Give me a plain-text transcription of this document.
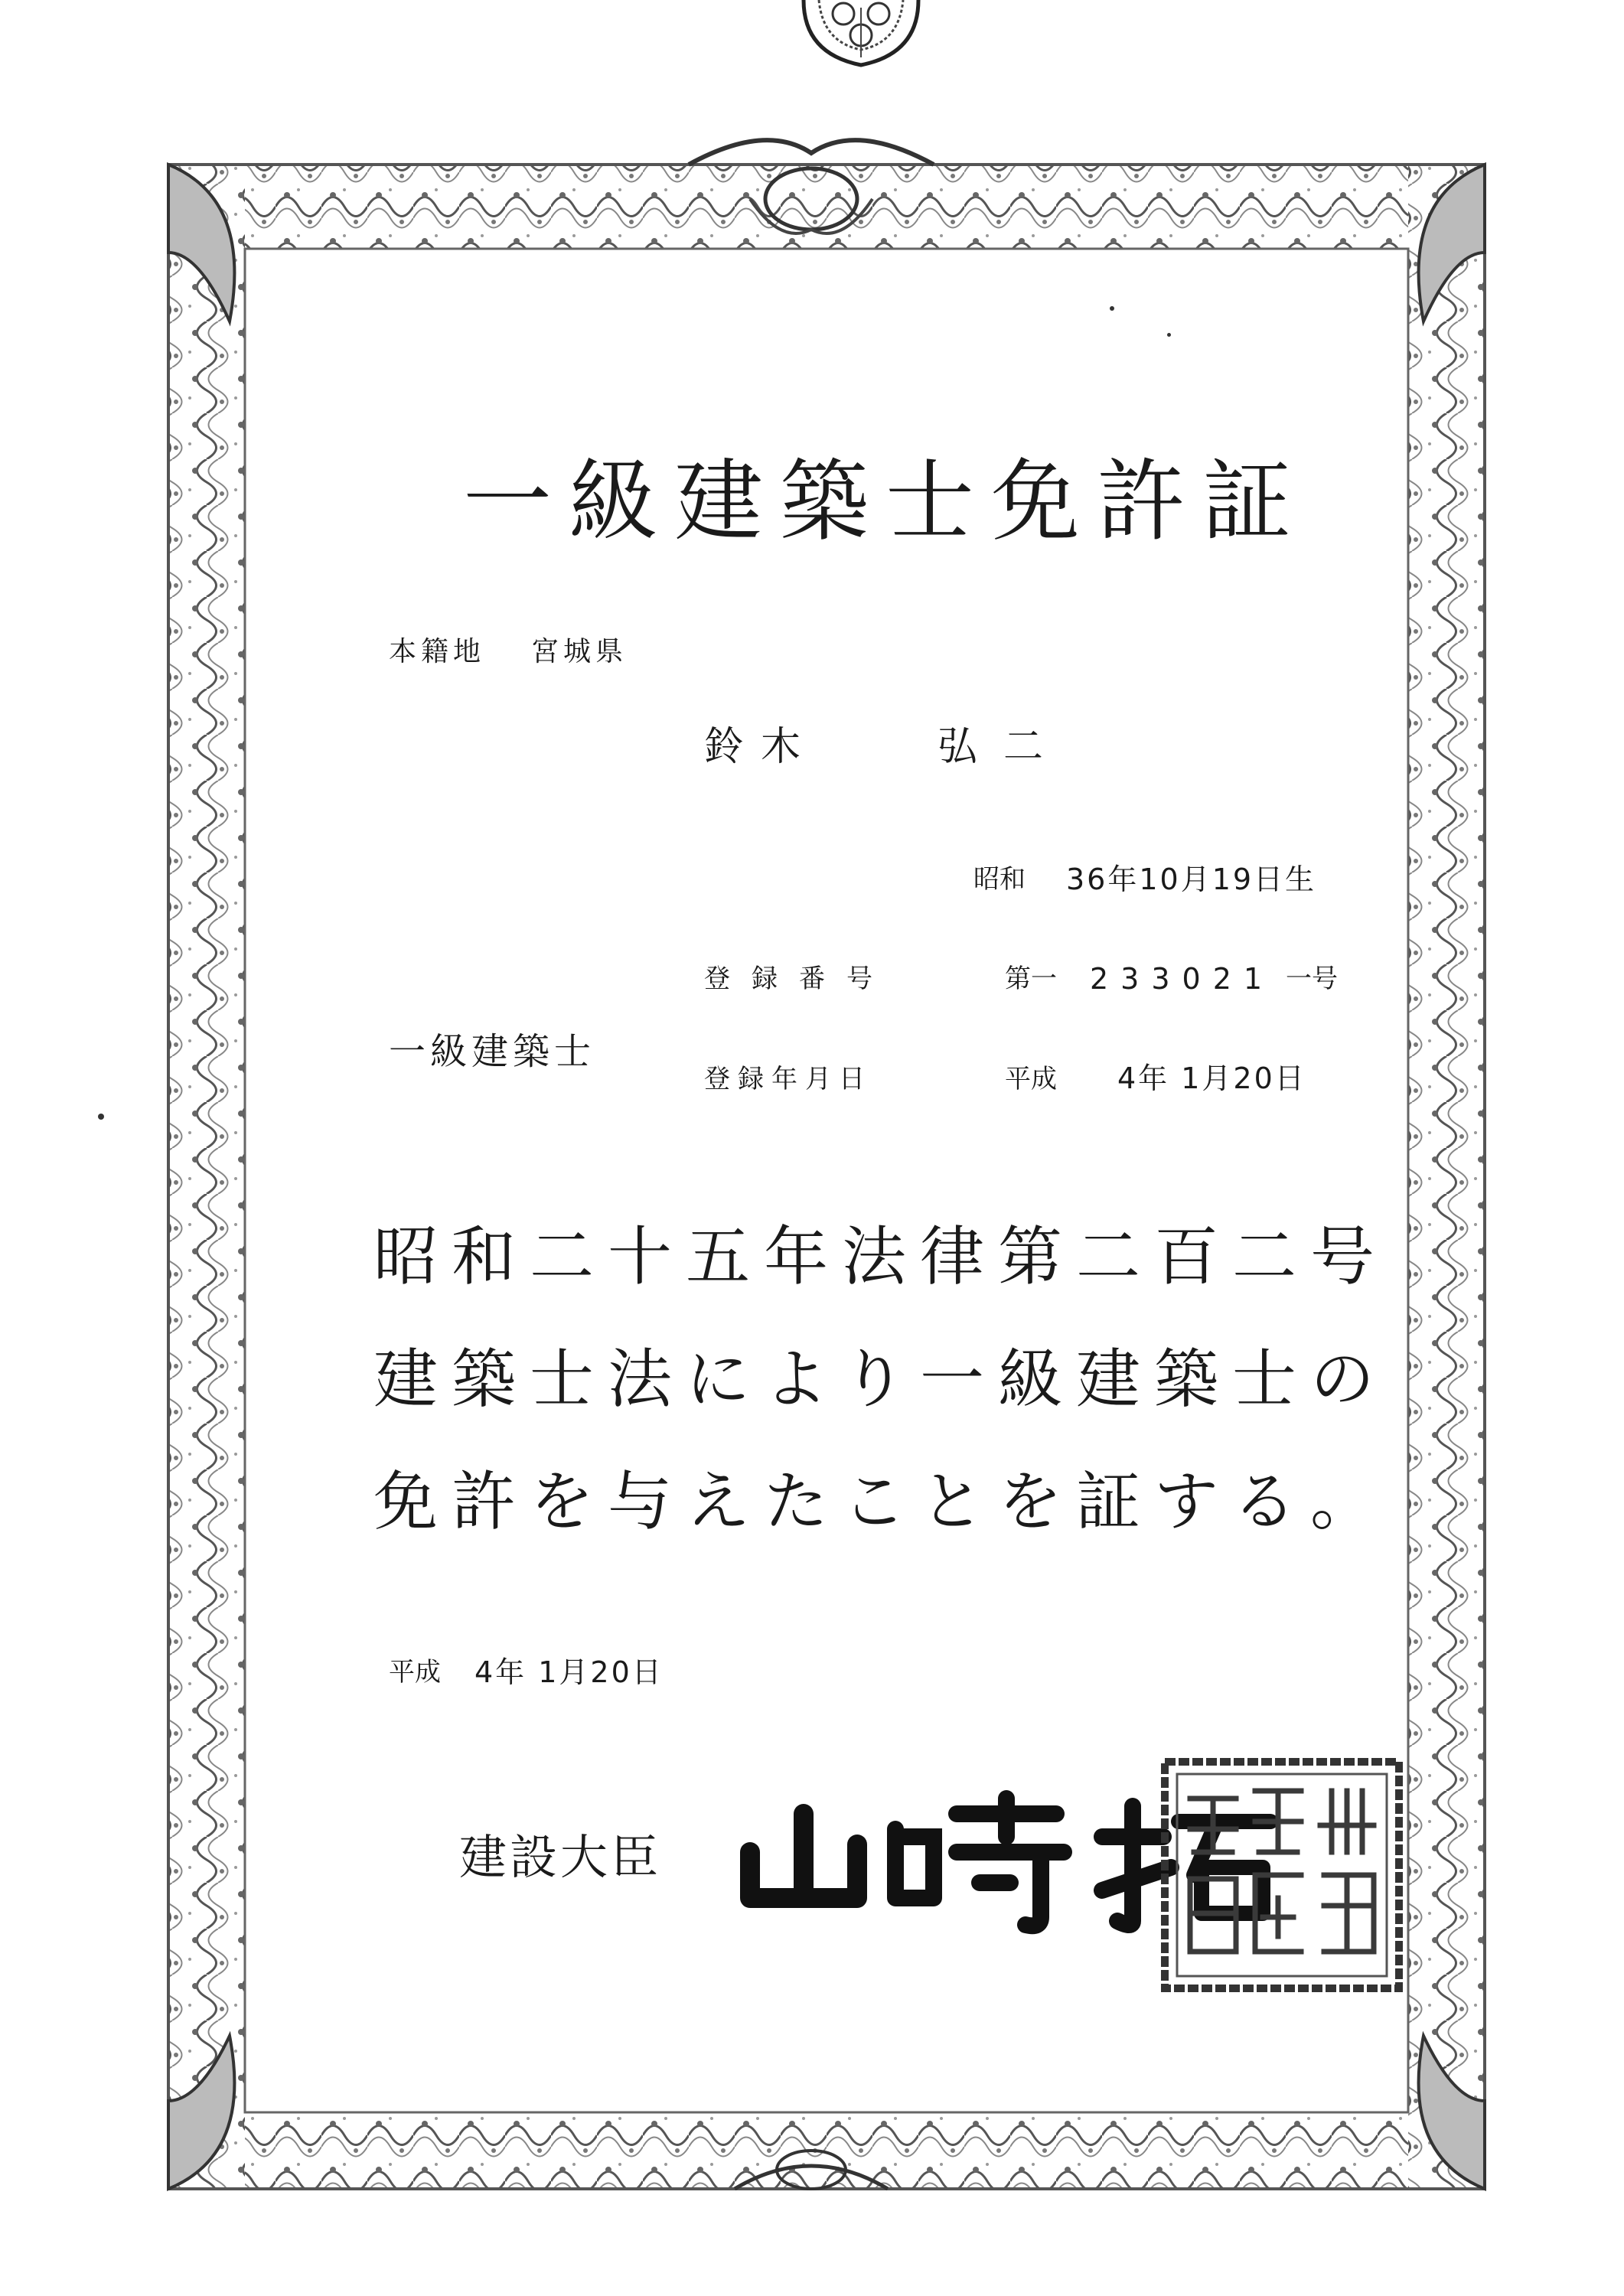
一級建築士免許証
本籍地 宮城県
鈴木	弘二
昭和 36年10月19日生
一級建築士
登録番号	第一 233021 一号
登録年月日	平成 4年 1月20日
昭和二十五年法律第二百二号
建築士法により一級建築士の
免許を与えたことを証する。
平成 4年 1月20日
建設大臣
